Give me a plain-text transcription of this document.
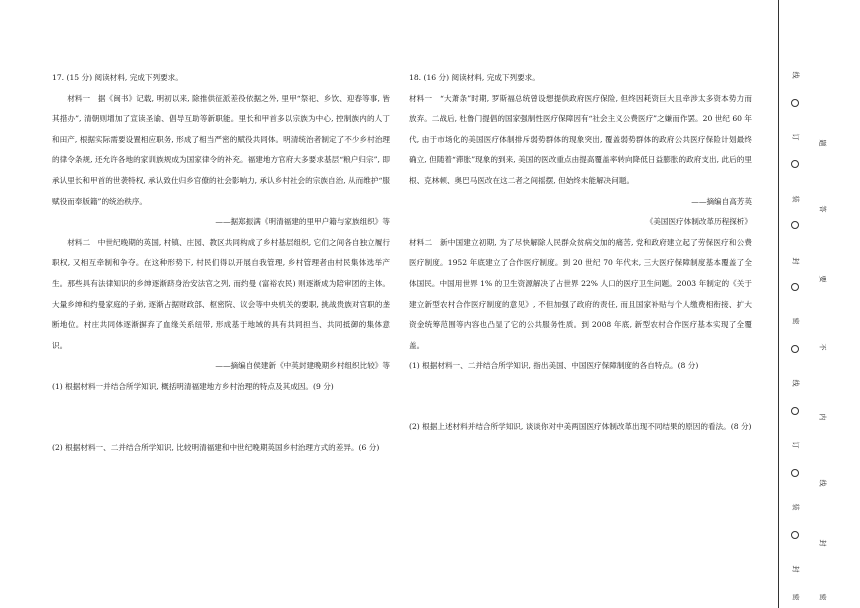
17. (15 分) 阅读材料, 完成下列要求。

材料一　据《闽书》记载, 明初以来, 除推供征派差役依据之外, 里甲“祭祀、乡饮、迎春等事, 皆其措办”, 清朝则增加了宣读圣谕、倡导互助等新职能。里长和甲首多以宗族为中心, 控制族内的人丁和田产, 根据实际需要设置相应职务, 形成了相当严密的赋役共同体。明清统治者制定了不少乡村治理的律令条规, 还允许各地的家训族规成为国家律令的补充。福建地方官府大多要求基层“粮户归宗”, 即承认里长和甲首的世袭特权, 承认致仕归乡官僚的社会影响力, 承认乡村社会的宗族自治, 从而维护“服赋役而奉版籍”的统治秩序。

——据郑振满《明清福建的里甲户籍与家族组织》等

材料二　中世纪晚期的英国, 村镇、庄园、教区共同构成了乡村基层组织, 它们之间各自独立履行职权, 又相互牵制和争夺。在这种形势下, 村民们得以开展自我管理, 乡村管理者由村民集体选举产生。那些具有法律知识的乡绅逐渐跻身治安法官之列, 而约曼 (富裕农民) 则逐渐成为陪审团的主体。大量乡绅和约曼家庭的子弟, 逐渐占据财政部、枢密院、议会等中央机关的要职, 挑战贵族对官职的垄断地位。村庄共同体逐渐摒弃了血缘关系纽带, 形成基于地域的具有共同担当、共同抵御的集体意识。

——摘编自侯建新《中英封建晚期乡村组织比较》等

(1) 根据材料一并结合所学知识, 概括明清福建地方乡村治理的特点及其成因。(9 分)

(2) 根据材料一、二并结合所学知识, 比较明清福建和中世纪晚期英国乡村治理方式的差异。(6 分)

18. (16 分) 阅读材料, 完成下列要求。

材料一　“大萧条”时期, 罗斯福总统曾设想提供政府医疗保险, 但终因耗资巨大且牵涉太多资本势力而放弃。二战后, 杜鲁门提倡的国家强制性医疗保障因有“社会主义公费医疗”之嫌而作罢。20 世纪 60 年代, 由于市场化的美国医疗体制排斥弱势群体的现象突出, 覆盖弱势群体的政府公共医疗保险计划最终确立, 但随着“滞胀”现象的到来, 美国的医改重点由提高覆盖率转向降低日益膨胀的政府支出, 此后的里根、克林顿、奥巴马医改在这二者之间摇摆, 但始终未能解决问题。

——摘编自高芳英

《美国医疗体制改革历程探析》

材料二　新中国建立初期, 为了尽快解除人民群众贫病交加的痛苦, 党和政府建立起了劳保医疗和公费医疗制度。1952 年底建立了合作医疗制度。到 20 世纪 70 年代末, 三大医疗保障制度基本覆盖了全体国民。中国用世界 1% 的卫生资源解决了占世界 22% 人口的医疗卫生问题。2003 年制定的《关于建立新型农村合作医疗制度的意见》, 不但加强了政府的责任, 而且国家补贴与个人缴费相衔接、扩大资金统筹范围等内容也凸显了它的公共服务性质。到 2008 年底, 新型农村合作医疗基本实现了全覆盖。

(1) 根据材料一、二并结合所学知识, 指出美国、中国医疗保障制度的各自特点。(8 分)

(2) 根据上述材料并结合所学知识, 谈谈你对中美两国医疗体制改革出现不同结果的原因的看法。(8 分)

线
订
装
封
密
线
订
装
封
密
题
答
要
不
内
线
封
密
